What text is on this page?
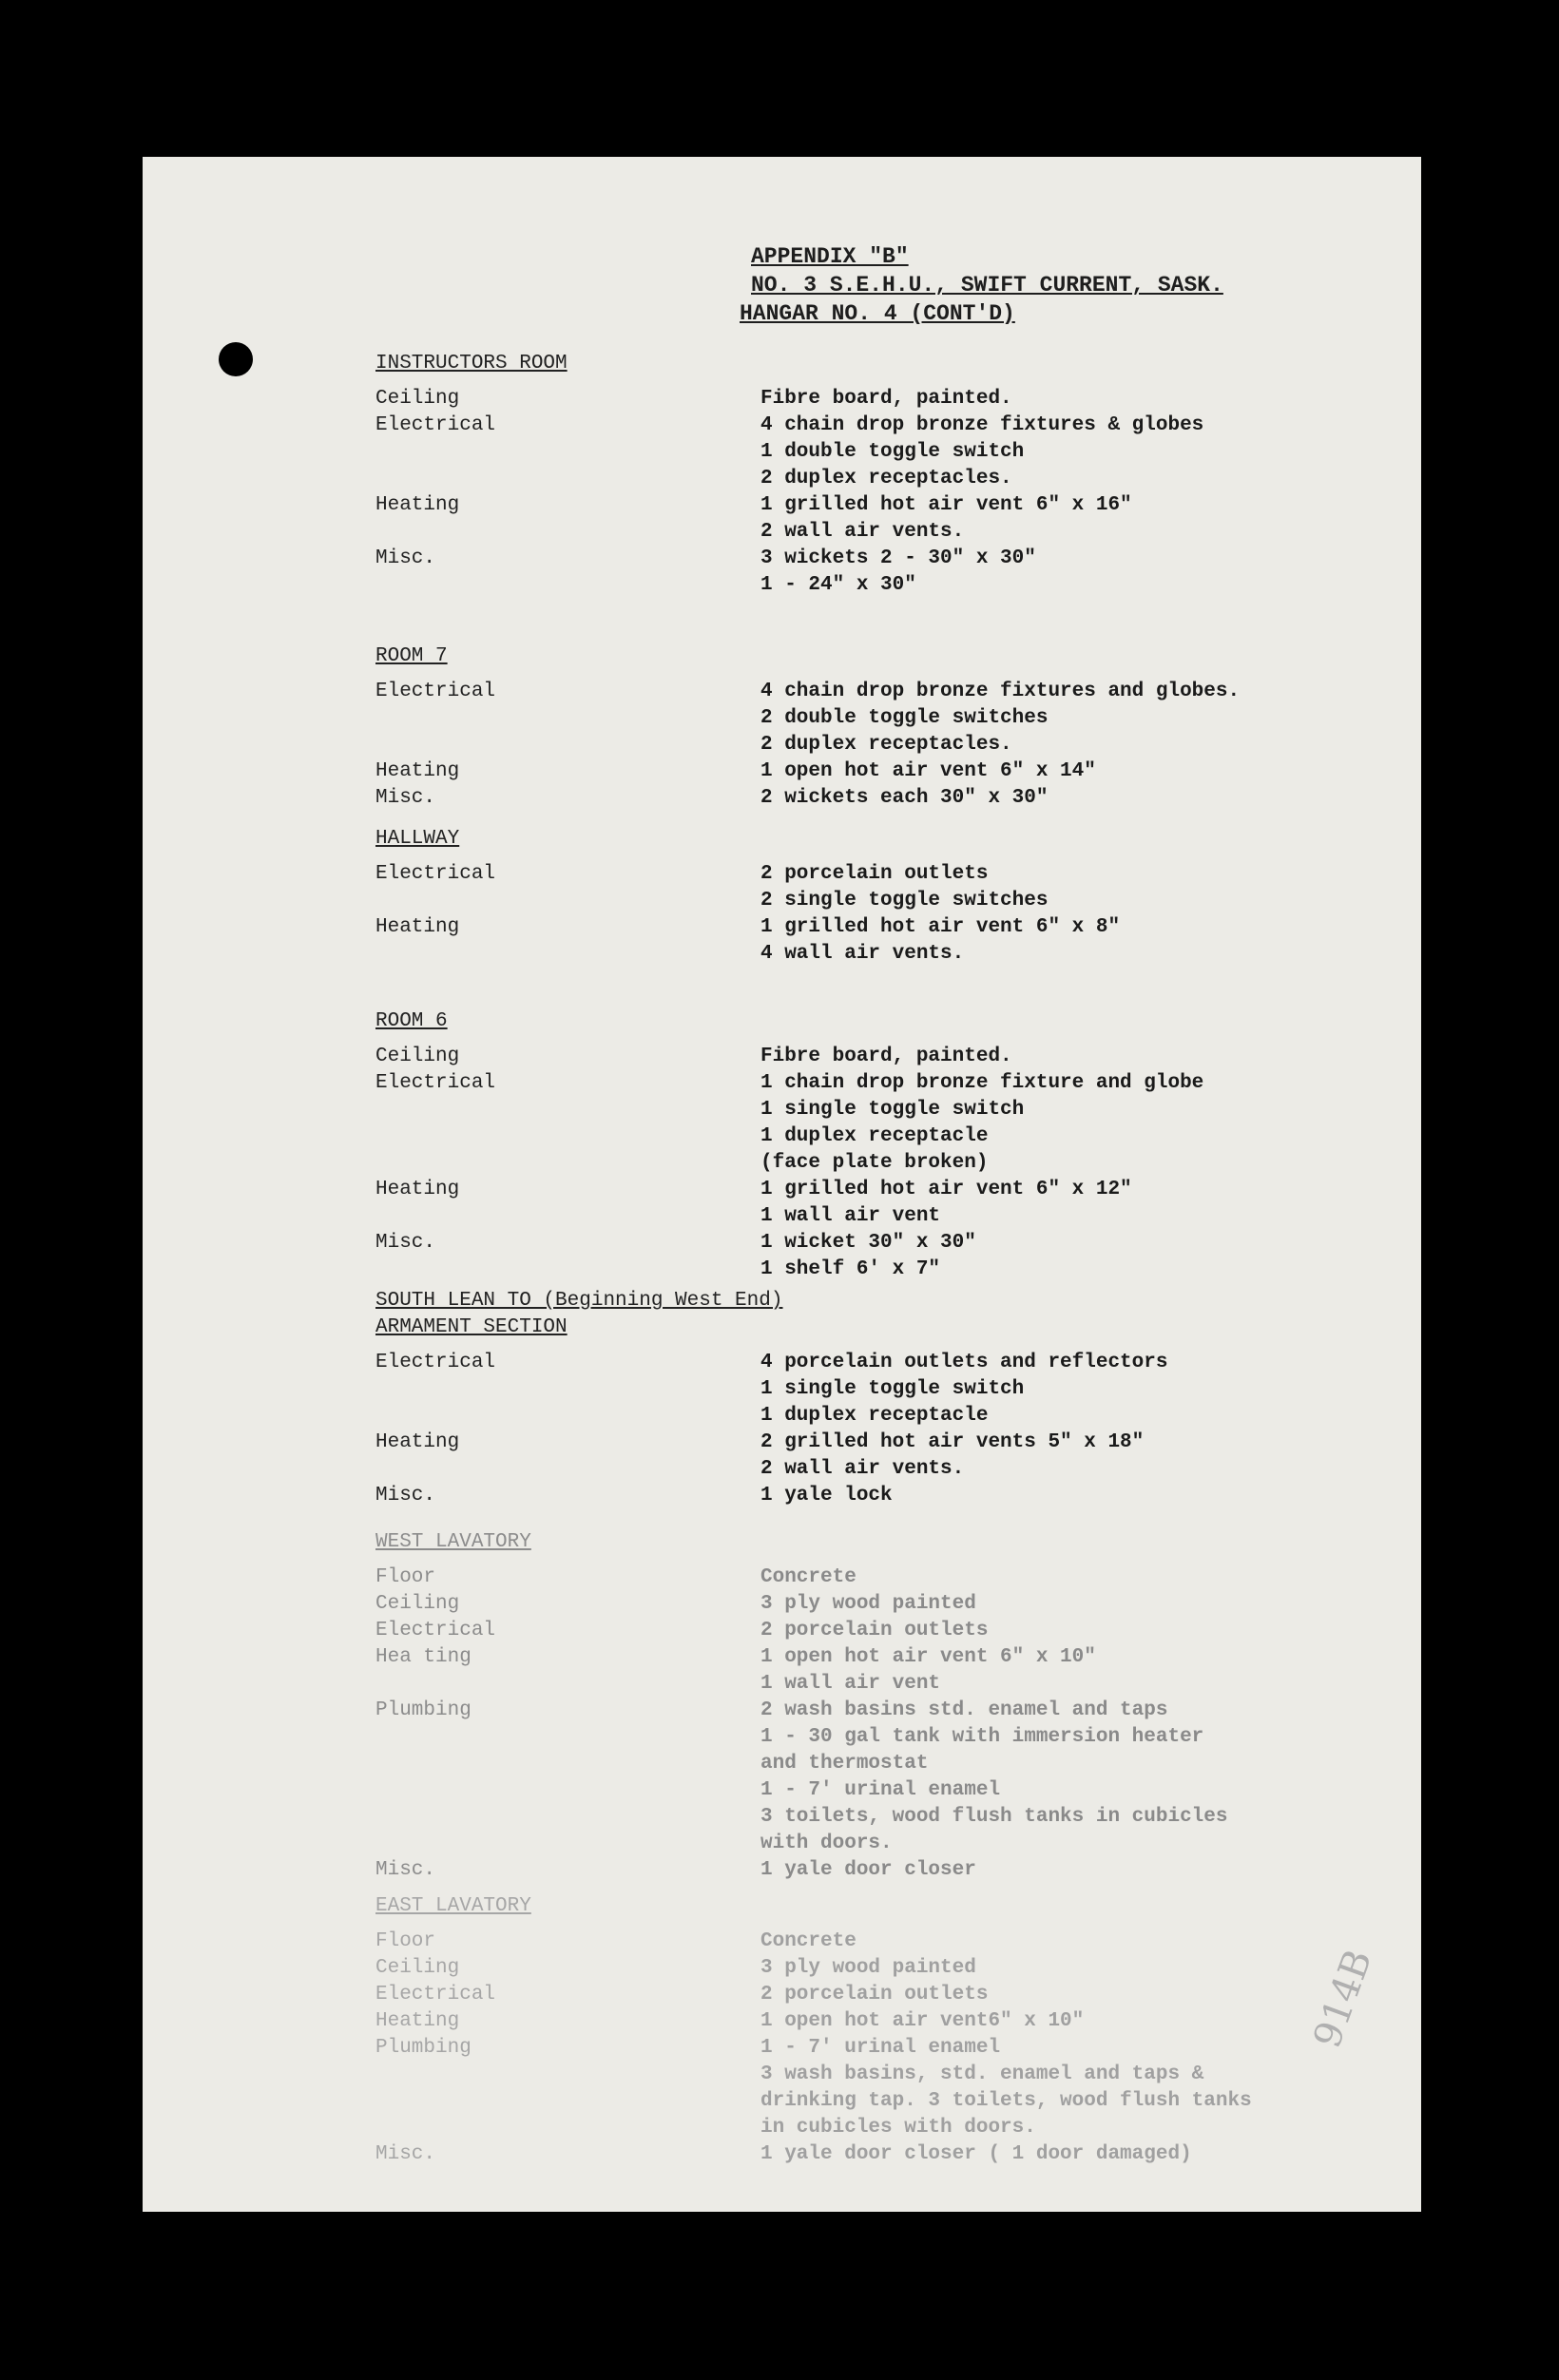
APPENDIX "B"
NO. 3 S.E.H.U., SWIFT CURRENT, SASK.
HANGAR NO. 4 (CONT'D)
INSTRUCTORS ROOM
Ceiling	Fibre board, painted.
Electrical	4 chain drop bronze fixtures & globes
1 double toggle switch
2 duplex receptacles.
Heating	1 grilled hot air vent 6" x 16"
2 wall air vents.
Misc.	3 wickets 2 - 30" x 30"
1 - 24" x 30"
ROOM 7
Electrical	4 chain drop bronze fixtures and globes.
2 double toggle switches
2 duplex receptacles.
Heating	1 open hot air vent 6" x 14"
Misc.	2 wickets each 30" x 30"
HALLWAY
Electrical	2 porcelain outlets
2 single toggle switches
Heating	1 grilled hot air vent 6" x 8"
4 wall air vents.
ROOM 6
Ceiling	Fibre board, painted.
Electrical	1 chain drop bronze fixture and globe
1 single toggle switch
1 duplex receptacle
(face plate broken)
Heating	1 grilled hot air vent 6" x 12"
1 wall air vent
Misc.	1 wicket 30" x 30"
1 shelf 6' x 7"
SOUTH LEAN TO (Beginning West End)
ARMAMENT SECTION
Electrical	4 porcelain outlets and reflectors
1 single toggle switch
1 duplex receptacle
Heating	2 grilled hot air vents 5" x 18"
2 wall air vents.
Misc.	1 yale lock
WEST LAVATORY
Floor	Concrete
Ceiling	3 ply wood painted
Electrical	2 porcelain outlets
Hea ting	1 open hot air vent 6" x 10"
1 wall air vent
Plumbing	2 wash basins std. enamel and taps
1 - 30 gal tank with immersion heater
and thermostat
1 - 7' urinal enamel
3 toilets, wood flush tanks in cubicles
with doors.
Misc.	1 yale door closer
EAST LAVATORY
Floor	Concrete
Ceiling	3 ply wood painted
Electrical	2 porcelain outlets
Heating	1 open hot air vent6" x 10"
Plumbing	1 - 7' urinal enamel
3 wash basins, std. enamel and taps &
drinking tap. 3 toilets, wood flush tanks
in cubicles with doors.
Misc.	1 yale door closer ( 1 door damaged)
914B
